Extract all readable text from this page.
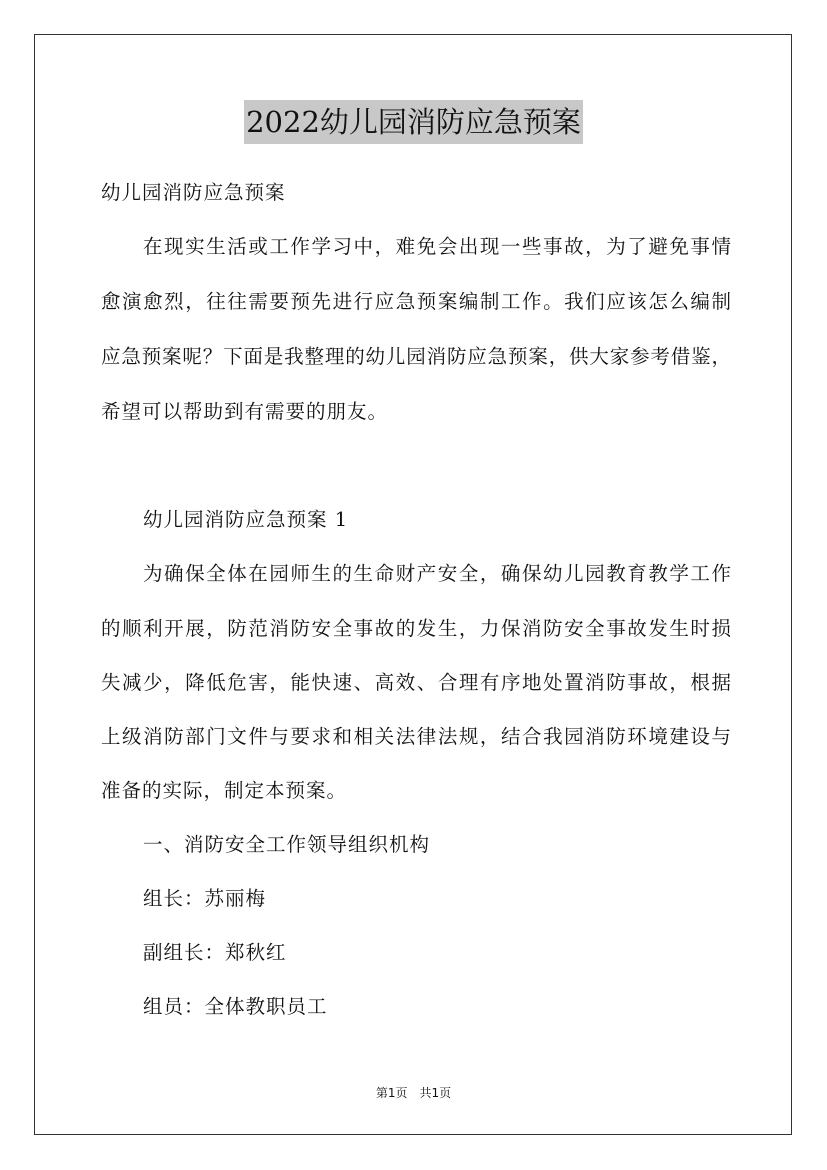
2022幼儿园消防应急预案
幼儿园消防应急预案
在现实生活或工作学习中，难免会出现一些事故，为了避免事情
愈演愈烈，往往需要预先进行应急预案编制工作。我们应该怎么编制
应急预案呢？下面是我整理的幼儿园消防应急预案，供大家参考借鉴，
希望可以帮助到有需要的朋友。
幼儿园消防应急预案 1
为确保全体在园师生的生命财产安全，确保幼儿园教育教学工作
的顺利开展，防范消防安全事故的发生，力保消防安全事故发生时损
失减少，降低危害，能快速、高效、合理有序地处置消防事故，根据
上级消防部门文件与要求和相关法律法规，结合我园消防环境建设与
准备的实际，制定本预案。
一、消防安全工作领导组织机构
组长：苏丽梅
副组长：郑秋红
组员：全体教职员工
第1页　共1页
